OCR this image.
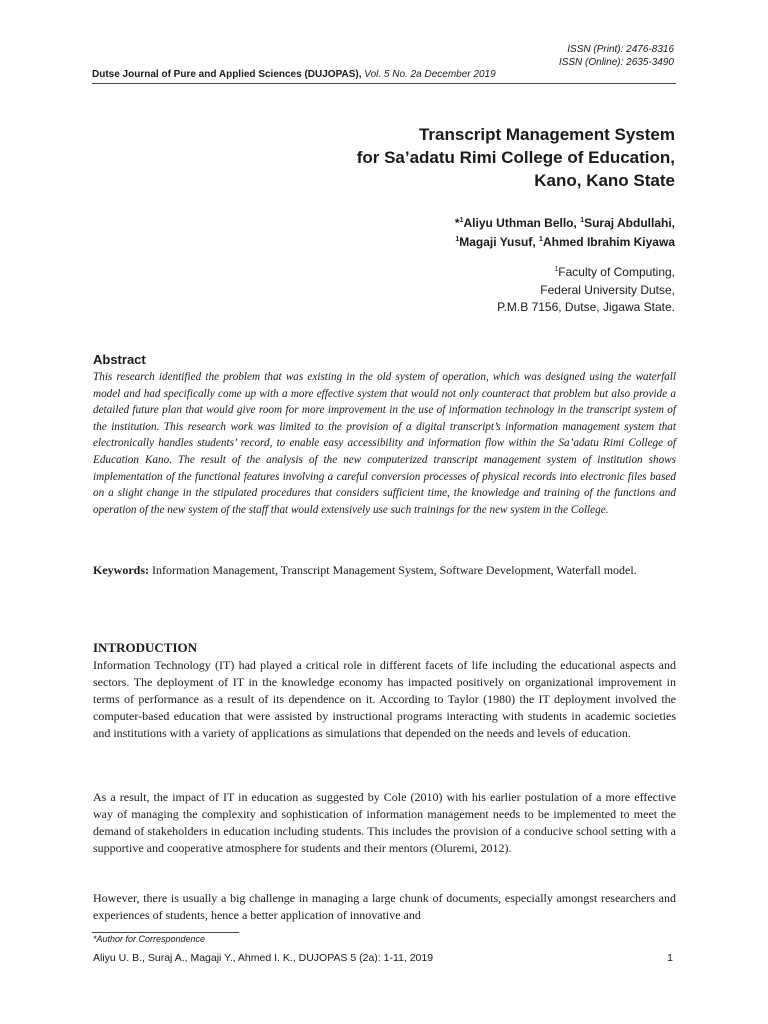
ISSN (Print): 2476-8316
ISSN (Online): 2635-3490
Dutse Journal of Pure and Applied Sciences (DUJOPAS), Vol. 5 No. 2a December 2019
Transcript Management System
for Sa’adatu Rimi College of Education,
Kano, Kano State
*$^1$Aliyu Uthman Bello, $^1$Suraj Abdullahi,
$^1$Magaji Yusuf, $^1$Ahmed Ibrahim Kiyawa
$^1$Faculty of Computing,
Federal University Dutse,
P.M.B 7156, Dutse, Jigawa State.
Abstract

This research identified the problem that was existing in the old system of operation, which was designed using the waterfall model and had specifically come up with a more effective system that would not only counteract that problem but also provide a detailed future plan that would give room for more improvement in the use of information technology in the transcript system of the institution. This research work was limited to the provision of a digital transcript’s information management system that electronically handles students’ record, to enable easy accessibility and information flow within the Sa’adatu Rimi College of Education Kano. The result of the analysis of the new computerized transcript management system of institution shows implementation of the functional features involving a careful conversion processes of physical records into electronic files based on a slight change in the stipulated procedures that considers sufficient time, the knowledge and training of the functions and operation of the new system of the staff that would extensively use such trainings for the new system in the College.

Keywords: Information Management, Transcript Management System, Software Development, Waterfall model.

INTRODUCTION

Information Technology (IT) had played a critical role in different facets of life including the educational aspects and sectors. The deployment of IT in the knowledge economy has impacted positively on organizational improvement in terms of performance as a result of its dependence on it. According to Taylor (1980) the IT deployment involved the computer-based education that were assisted by instructional programs interacting with students in academic societies and institutions with a variety of applications as simulations that depended on the needs and levels of education.

As a result, the impact of IT in education as suggested by Cole (2010) with his earlier postulation of a more effective way of managing the complexity and sophistication of information management needs to be implemented to meet the demand of stakeholders in education including students. This includes the provision of a conducive school setting with a supportive and cooperative atmosphere for students and their mentors (Oluremi, 2012).

However, there is usually a big challenge in managing a large chunk of documents, especially amongst researchers and experiences of students, hence a better application of innovative and

*Author for Correspondence
Aliyu U. B., Suraj A., Magaji Y., Ahmed I. K., DUJOPAS 5 (2a): 1-11, 2019	1
